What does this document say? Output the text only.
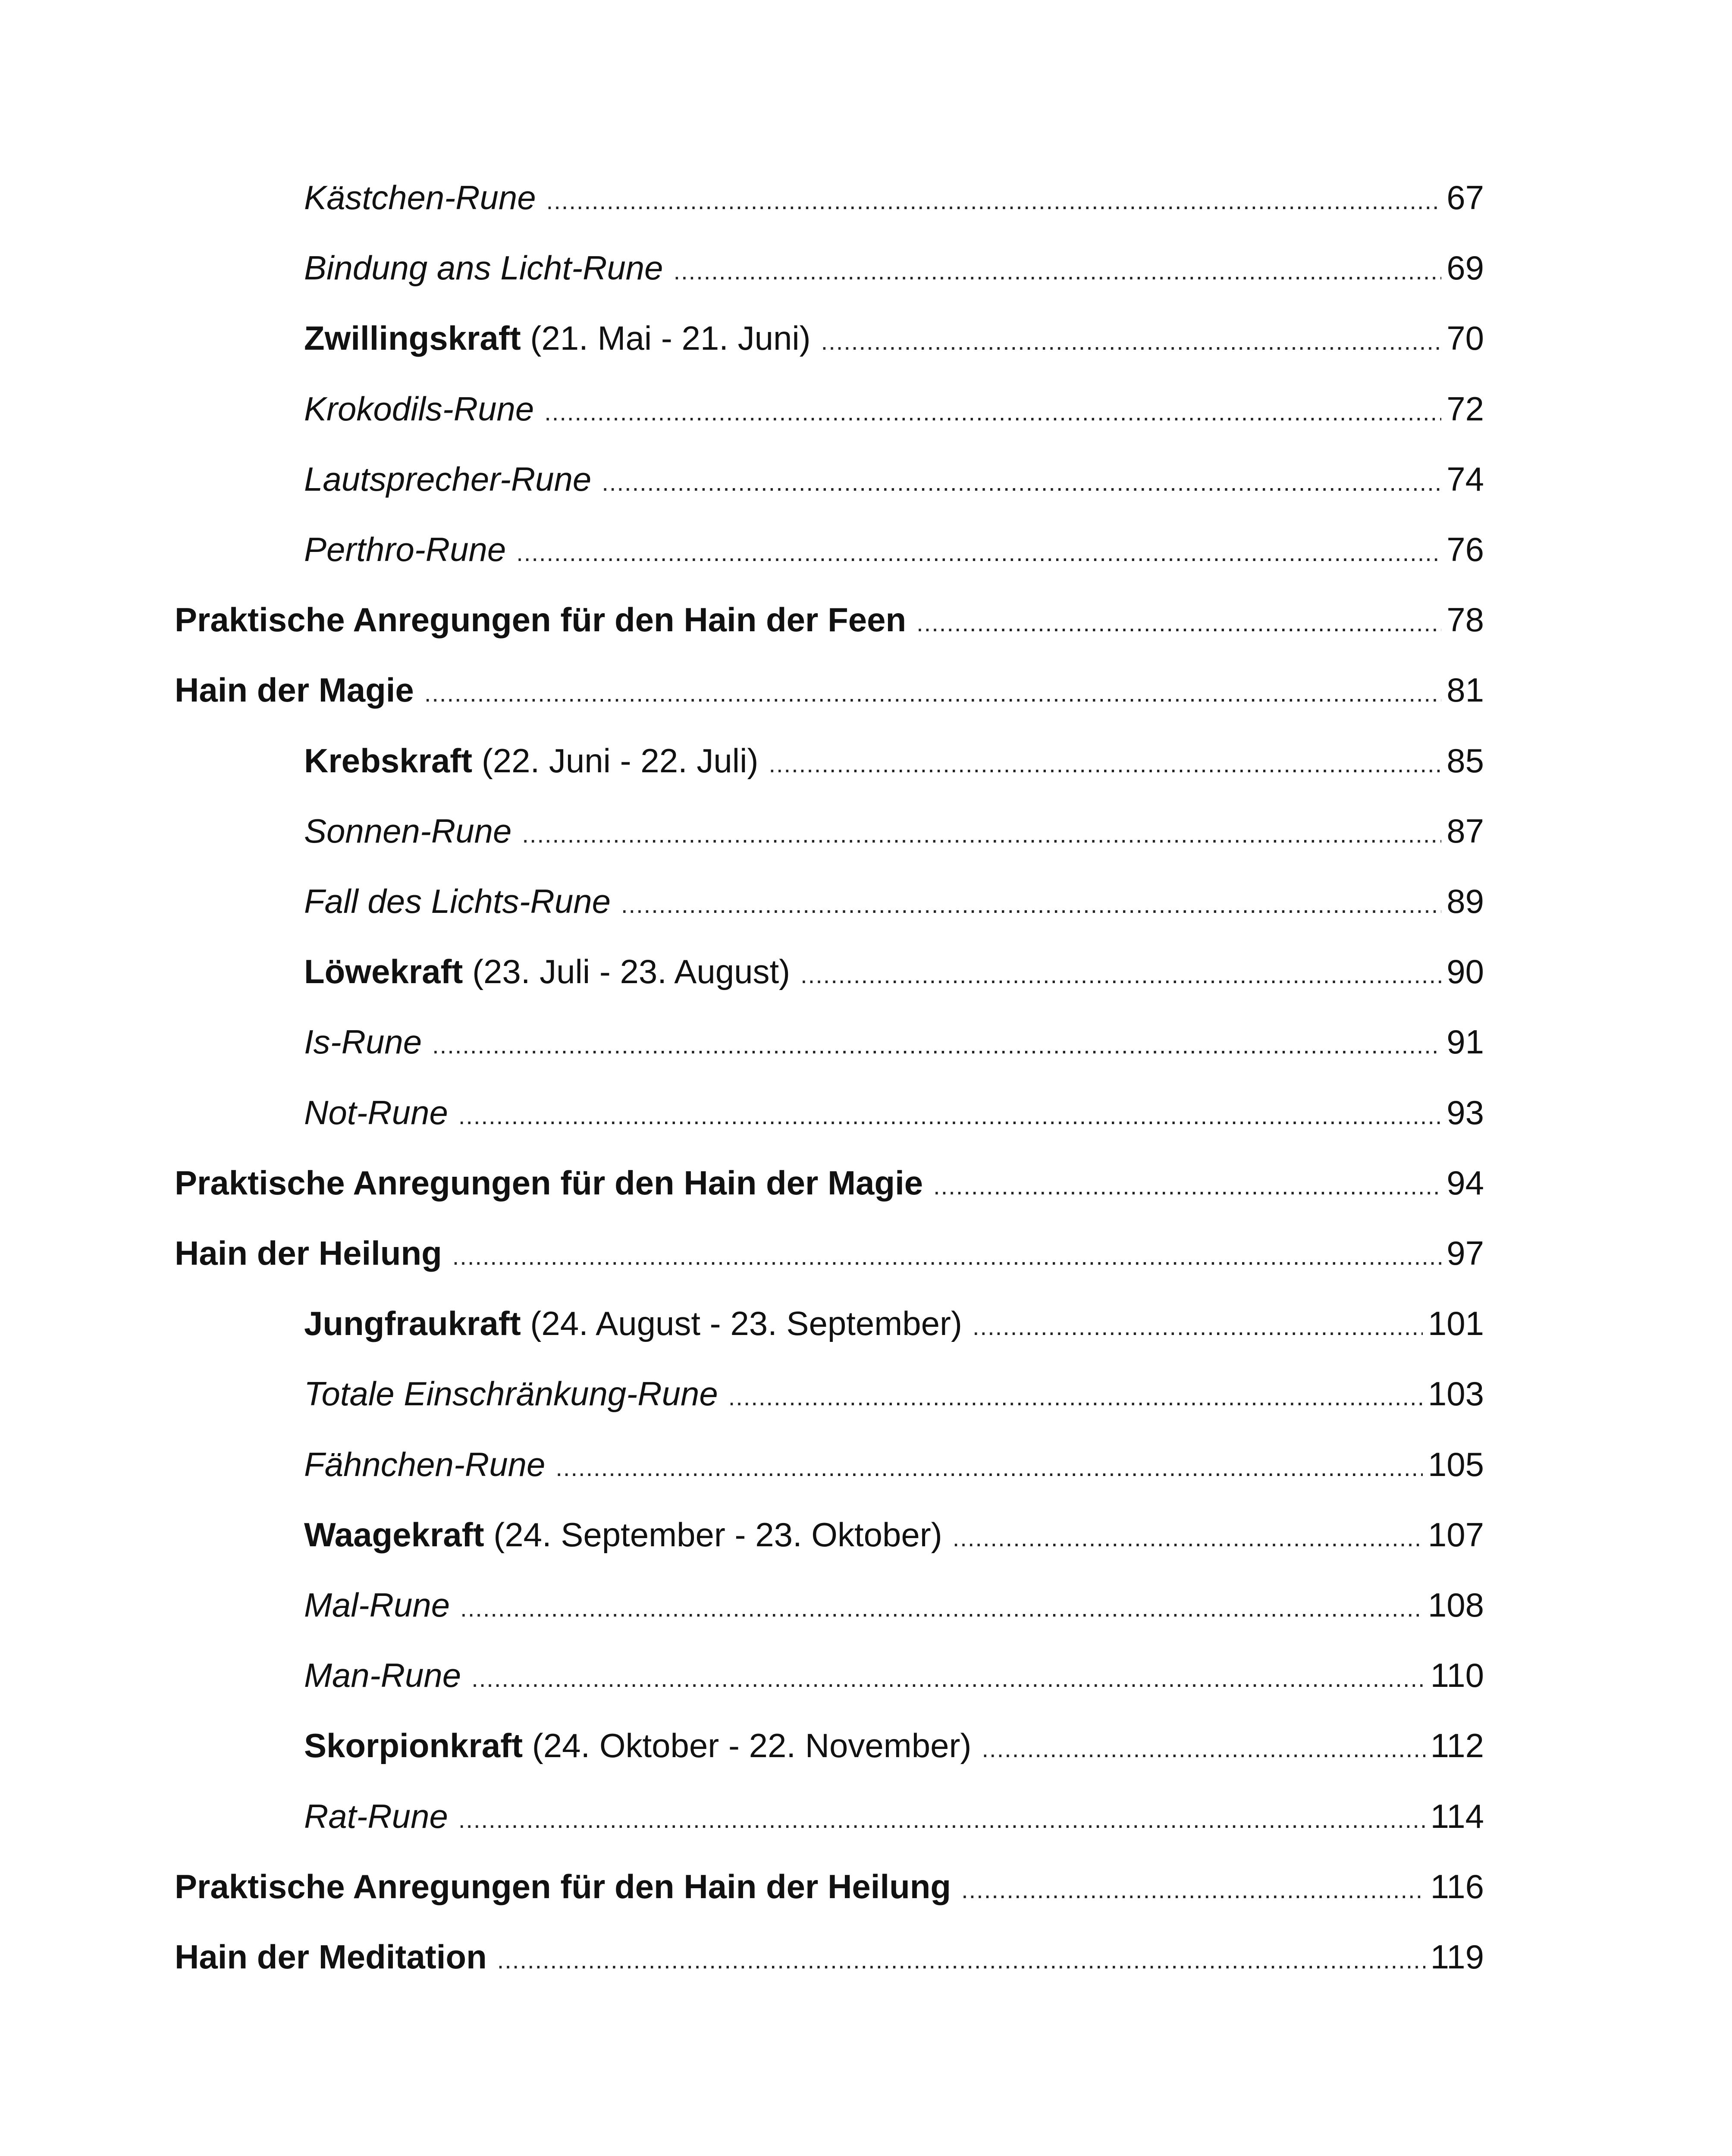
Kästchen-Rune .....	67
Bindung ans Licht-Rune .....	69
Zwillingskraft (21. Mai - 21. Juni) .....	70
Krokodils-Rune .....	72
Lautsprecher-Rune .....	74
Perthro-Rune .....	76
Praktische Anregungen für den Hain der Feen .....	78
Hain der Magie .....	81
Krebskraft (22. Juni - 22. Juli) .....	85
Sonnen-Rune .....	87
Fall des Lichts-Rune .....	89
Löwekraft (23. Juli - 23. August) .....	90
Is-Rune .....	91
Not-Rune .....	93
Praktische Anregungen für den Hain der Magie .....	94
Hain der Heilung .....	97
Jungfraukraft (24. August - 23. September) .....	101
Totale Einschränkung-Rune .....	103
Fähnchen-Rune .....	105
Waagekraft (24. September - 23. Oktober) .....	107
Mal-Rune .....	108
Man-Rune .....	110
Skorpionkraft (24. Oktober - 22. November) .....	112
Rat-Rune .....	114
Praktische Anregungen für den Hain der Heilung .....	116
Hain der Meditation .....	119
